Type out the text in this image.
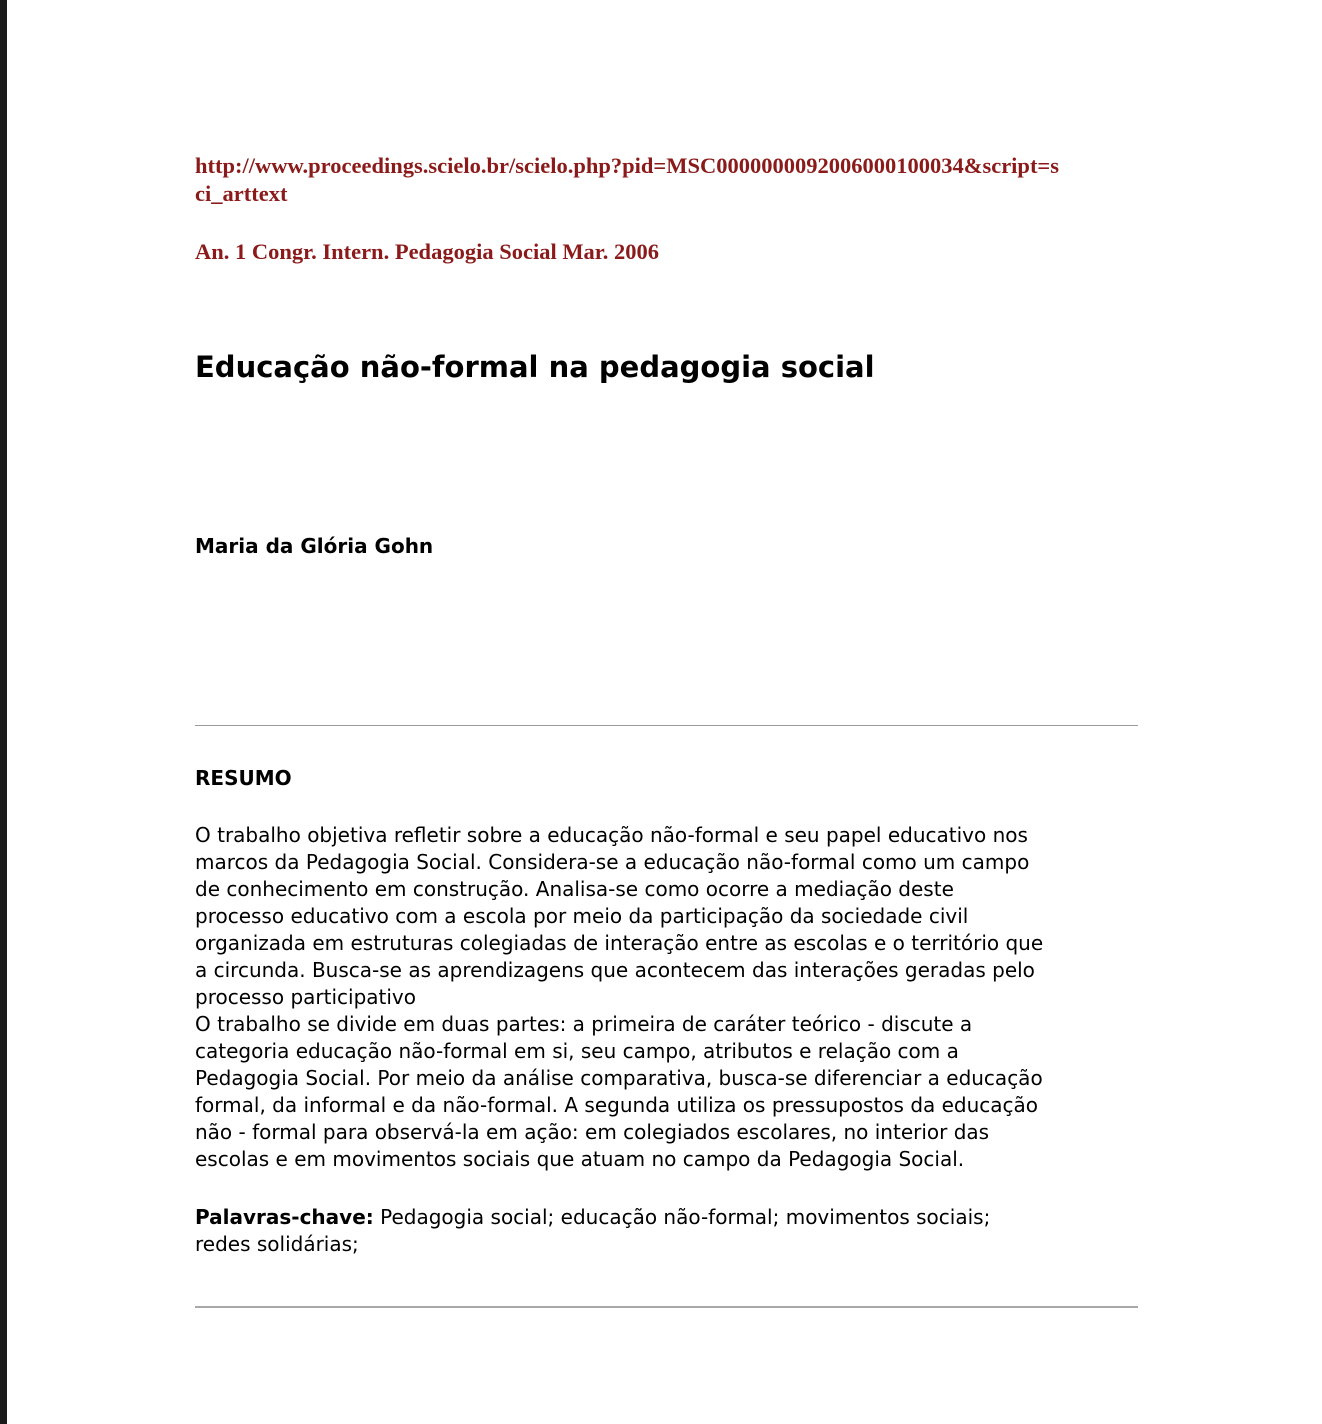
http://www.proceedings.scielo.br/scielo.php?pid=MSC0000000092006000100034&script=s
ci_arttext

An. 1 Congr. Intern. Pedagogia Social Mar. 2006

Educação não-formal na pedagogia social

Maria da Glória Gohn

RESUMO
O trabalho objetiva refletir sobre a educação não-formal e seu papel educativo nos
marcos da Pedagogia Social. Considera-se a educação não-formal como um campo
de conhecimento em construção. Analisa-se como ocorre a mediação deste
processo educativo com a escola por meio da participação da sociedade civil
organizada em estruturas colegiadas de interação entre as escolas e o território que
a circunda. Busca-se as aprendizagens que acontecem das interações geradas pelo
processo participativo
O trabalho se divide em duas partes: a primeira de caráter teórico - discute a
categoria educação não-formal em si, seu campo, atributos e relação com a
Pedagogia Social. Por meio da análise comparativa, busca-se diferenciar a educação
formal, da informal e da não-formal. A segunda utiliza os pressupostos da educação
não - formal para observá-la em ação: em colegiados escolares, no interior das
escolas e em movimentos sociais que atuam no campo da Pedagogia Social.
Palavras-chave: Pedagogia social; educação não-formal; movimentos sociais;
redes solidárias;
